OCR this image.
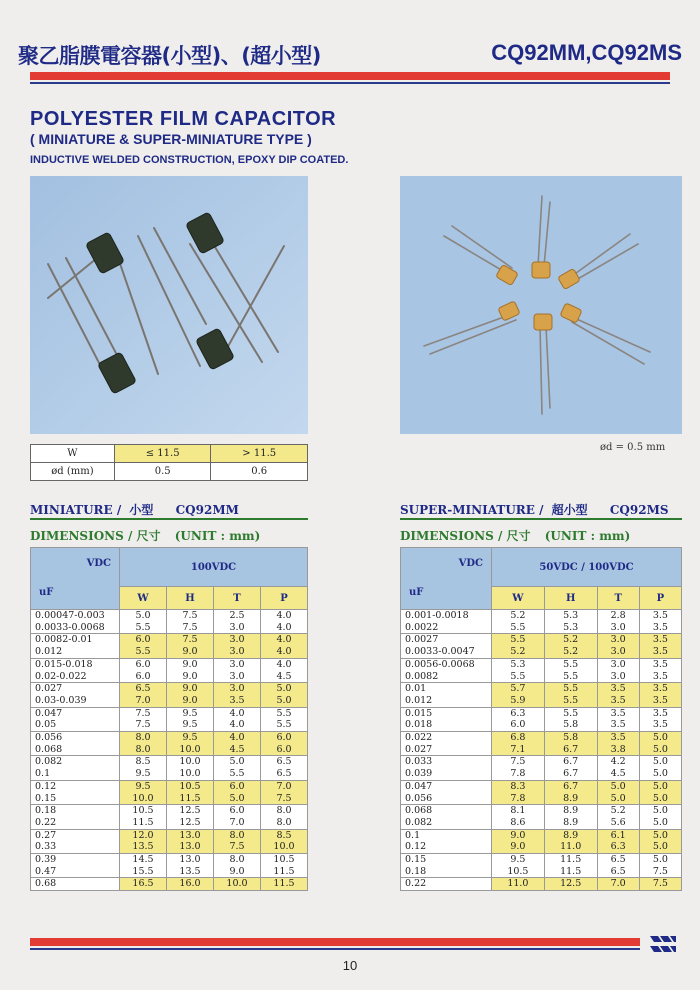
聚乙脂膜電容器(小型)、(超小型)	CQ92MM,CQ92MS
POLYESTER FILM CAPACITOR
( MINIATURE & SUPER-MINIATURE TYPE )
INDUCTIVE WELDED CONSTRUCTION, EPOXY DIP COATED.
ød = 0.5 mm
W	≤ 11.5	> 11.5
ød (mm)	0.5	0.6
MINIATURE / 小型 CQ92MM	SUPER-MINIATURE / 超小型 CQ92MS
DIMENSIONS / 尺寸 (UNIT : mm)	DIMENSIONS / 尺寸 (UNIT : mm)
VDC
uF	100VDC			
	W	H	T	P
0.00047-0.003	5.0	7.5	2.5	4.0
0.0033-0.0068	5.5	7.5	3.0	4.0
0.0082-0.01	6.0	7.5	3.0	4.0
0.012	5.5	9.0	3.0	4.0
0.015-0.018	6.0	9.0	3.0	4.0
0.02-0.022	6.0	9.0	3.0	4.5
0.027	6.5	9.0	3.0	5.0
0.03-0.039	7.0	9.0	3.5	5.0
0.047	7.5	9.5	4.0	5.5
0.05	7.5	9.5	4.0	5.5
0.056	8.0	9.5	4.0	6.0
0.068	8.0	10.0	4.5	6.0
0.082	8.5	10.0	5.0	6.5
0.1	9.5	10.0	5.5	6.5
0.12	9.5	10.5	6.0	7.0
0.15	10.0	11.5	5.0	7.5
0.18	10.5	12.5	6.0	8.0
0.22	11.5	12.5	7.0	8.0
0.27	12.0	13.0	8.0	8.5
0.33	13.5	13.0	7.5	10.0
0.39	14.5	13.0	8.0	10.5
0.47	15.5	13.5	9.0	11.5
0.68	16.5	16.0	10.0	11.5
VDC
uF	50VDC / 100VDC			
	W	H	T	P
0.001-0.0018	5.2	5.3	2.8	3.5
0.0022	5.5	5.3	3.0	3.5
0.0027	5.5	5.2	3.0	3.5
0.0033-0.0047	5.2	5.2	3.0	3.5
0.0056-0.0068	5.3	5.5	3.0	3.5
0.0082	5.5	5.5	3.0	3.5
0.01	5.7	5.5	3.5	3.5
0.012	5.9	5.5	3.5	3.5
0.015	6.3	5.5	3.5	3.5
0.018	6.0	5.8	3.5	3.5
0.022	6.8	5.8	3.5	5.0
0.027	7.1	6.7	3.8	5.0
0.033	7.5	6.7	4.2	5.0
0.039	7.8	6.7	4.5	5.0
0.047	8.3	6.7	5.0	5.0
0.056	7.8	8.9	5.0	5.0
0.068	8.1	8.9	5.2	5.0
0.082	8.6	8.9	5.6	5.0
0.1	9.0	8.9	6.1	5.0
0.12	9.0	11.0	6.3	5.0
0.15	9.5	11.5	6.5	5.0
0.18	10.5	11.5	6.5	7.5
0.22	11.0	12.5	7.0	7.5
10
